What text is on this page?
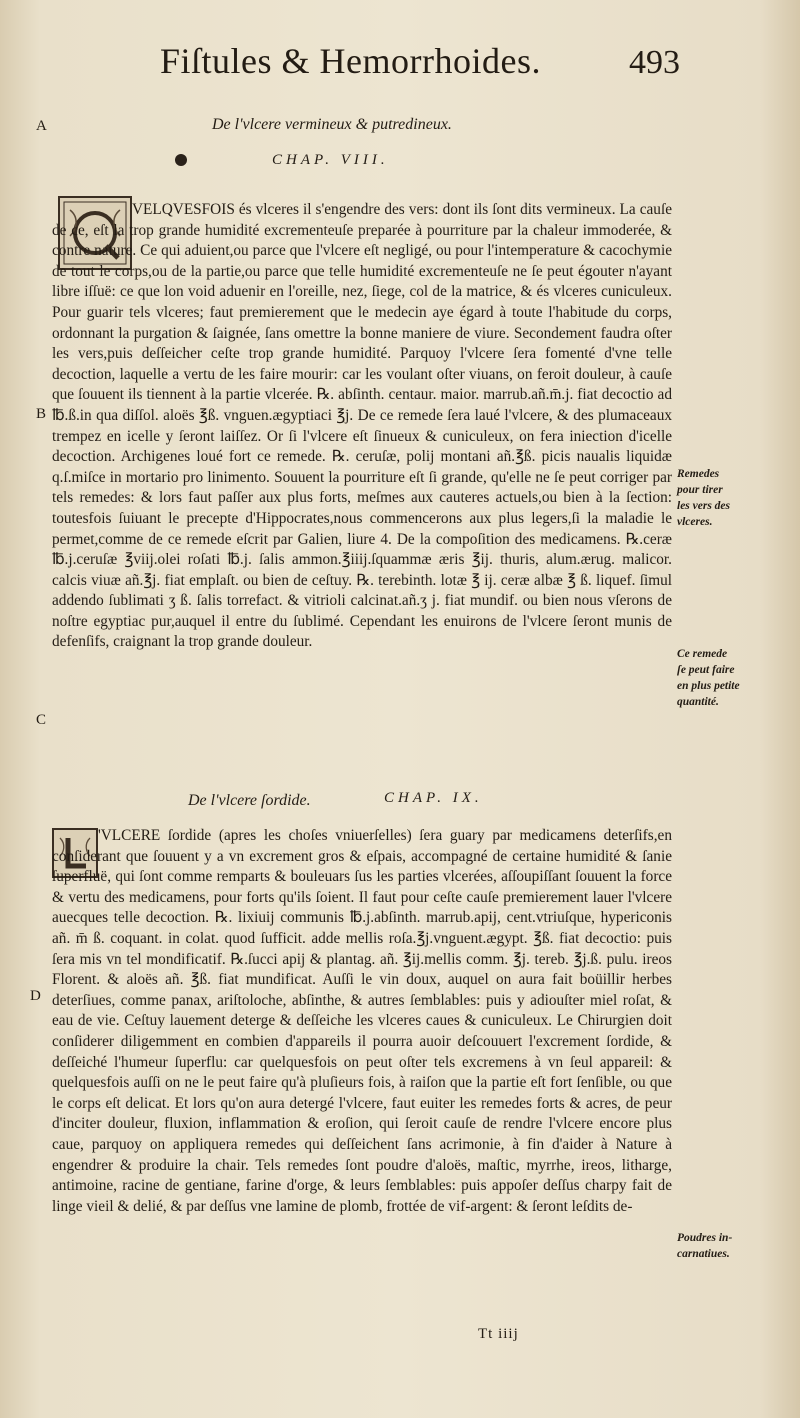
Fiſtules & Hemorrhoides.	493
A
B
C
D
De l'vlcere vermineux & putredineux.
CHAP. VIII.

VELQVESFOIS és vlceres il s'engendre des vers: dont ils ſont dits vermineux. La cauſe de ce, eſt la trop grande humidité excrementeuſe preparée à pourriture par la chaleur immoderée, & contre nature. Ce qui aduient,ou parce que l'vlcere eſt negligé, ou pour l'intemperature & cacochymie de tout le corps,ou de la partie,ou parce que telle humidité excrementeuſe ne ſe peut égouter n'ayant libre iſſuë: ce que lon void aduenir en l'oreille, nez, ſiege, col de la matrice, & és vlceres cuniculeux. Pour guarir tels vlceres; faut premierement que le medecin aye égard à toute l'habitude du corps, ordonnant la purgation & ſaignée, ſans omettre la bonne maniere de viure. Secondement faudra oſter les vers,puis deſſeicher ceſte trop grande humidité. Parquoy l'vlcere ſera fomenté d'vne telle decoction, laquelle a vertu de les faire mourir: car les voulant oſter viuans, on feroit douleur, à cauſe que ſouuent ils tiennent à la partie vlcerée. ℞. abſinth. centaur. maior. marrub.añ.m̄.j. fiat decoctio ad ℔.ß.in qua diſſol. aloës ℥ß. vnguen.ægyptiaci ℥j. De ce remede ſera laué l'vlcere, & des plumaceaux trempez en icelle y ſeront laiſſez. Or ſi l'vlcere eſt ſinueux & cuniculeux, on fera iniection d'icelle decoction. Archigenes loué fort ce remede. ℞. ceruſæ, polij montani añ.℥ß. picis naualis liquidæ q.ſ.miſce in mortario pro linimento. Souuent la pourriture eſt ſi grande, qu'elle ne ſe peut corriger par tels remedes: & lors faut paſſer aux plus forts, meſmes aux cauteres actuels,ou bien à la ſection: toutesfois ſuiuant le precepte d'Hippocrates,nous commencerons aux plus legers,ſi la maladie le permet,comme de ce remede eſcrit par Galien, liure 4. De la compoſition des medicamens. ℞.ceræ ℔.j.ceruſæ ℥viij.olei roſati ℔.j. ſalis ammon.℥iiij.ſquammæ æris ℥ij. thuris, alum.ærug. malicor. calcis viuæ añ.℥j. fiat emplaſt. ou bien de ceſtuy. ℞. terebinth. lotæ ℥ ij. ceræ albæ ℥ ß. liquef. ſimul addendo ſublimati ʒ ß. ſalis torrefact. & vitrioli calcinat.añ.ʒ j. fiat mundif. ou bien nous vſerons de noſtre egyptiac pur,auquel il entre du ſublimé. Cependant les enuirons de l'vlcere ſeront munis de defenſifs, craignant la trop grande douleur.

De l'vlcere ſordide.	CHAP. IX.

'VLCERE ſordide (apres les choſes vniuerſelles) ſera guary par medicamens deterſifs,en conſiderant que ſouuent y a vn excrement gros & eſpais, accompagné de certaine humidité & ſanie ſuperfluë, qui ſont comme remparts & bouleuars ſus les parties vlcerées, aſſoupiſſant ſouuent la force & vertu des medicamens, pour forts qu'ils ſoient. Il faut pour ceſte cauſe premierement lauer l'vlcere auecques telle decoction. ℞. lixiuij communis ℔.j.abſinth. marrub.apij, cent.vtriuſque, hypericonis añ. m̄ ß. coquant. in colat. quod ſufficit. adde mellis roſa.℥j.vnguent.ægypt. ℥ß. fiat decoctio: puis ſera mis vn tel mondificatif. ℞.ſucci apij & plantag. añ. ℥ij.mellis comm. ℥j. tereb. ℥j.ß. pulu. ireos Florent. & aloës añ. ℥ß. fiat mundificat. Auſſi le vin doux, auquel on aura fait boüillir herbes deterſiues, comme panax, ariſtoloche, abſinthe, & autres ſemblables: puis y adiouſter miel roſat, & eau de vie. Ceſtuy lauement deterge & deſſeiche les vlceres caues & cuniculeux. Le Chirurgien doit conſiderer diligemment en combien d'appareils il pourra auoir deſcouuert l'excrement ſordide, & deſſeiché l'humeur ſuperflu: car quelquesfois on peut oſter tels excremens à vn ſeul appareil: & quelquesfois auſſi on ne le peut faire qu'à pluſieurs fois, à raiſon que la partie eſt fort ſenſible, ou que le corps eſt delicat. Et lors qu'on aura detergé l'vlcere, faut euiter les remedes forts & acres, de peur d'inciter douleur, fluxion, inflammation & eroſion, qui ſeroit cauſe de rendre l'vlcere encore plus caue, parquoy on appliquera remedes qui deſſeichent ſans acrimonie, à fin d'aider à Nature à engendrer & produire la chair. Tels remedes ſont poudre d'aloës, maſtic, myrrhe, ireos, litharge, antimoine, racine de gentiane, farine d'orge, & leurs ſemblables: puis appoſer deſſus charpy fait de linge vieil & delié, & par deſſus vne lamine de plomb, frottée de vif-argent: & ſeront leſdits de-

Remedes
pour tirer
les vers des
vlceres.
Ce remede
ſe peut faire
en plus petite
quantité.
Poudres in-
carnatiues.
Tt iiij
